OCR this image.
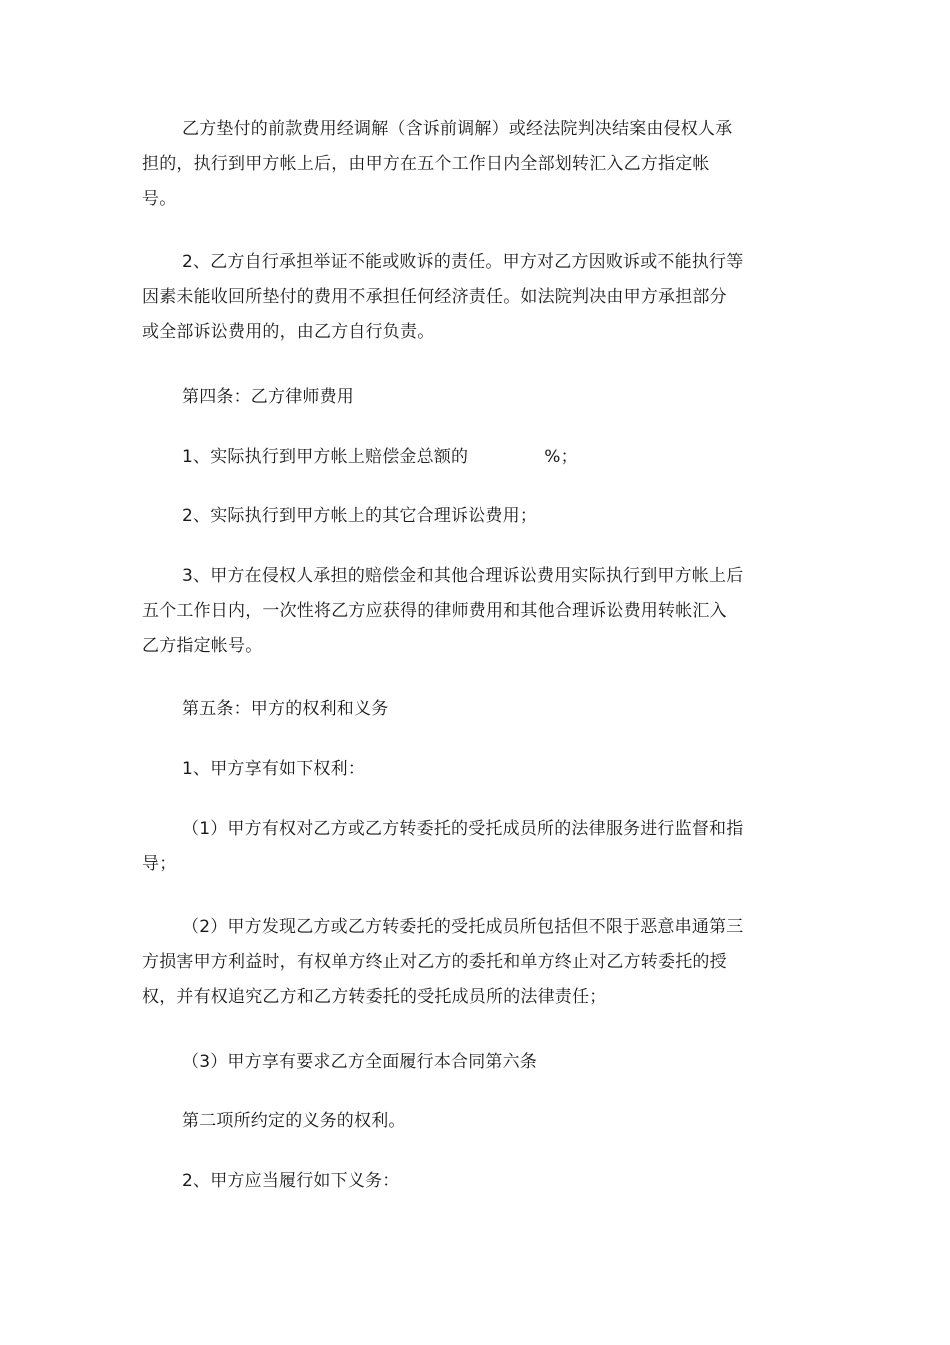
乙方垫付的前款费用经调解（含诉前调解）或经法院判决结案由侵权人承
担的，执行到甲方帐上后，由甲方在五个工作日内全部划转汇入乙方指定帐
号。

2、乙方自行承担举证不能或败诉的责任。甲方对乙方因败诉或不能执行等
因素未能收回所垫付的费用不承担任何经济责任。如法院判决由甲方承担部分
或全部诉讼费用的，由乙方自行负责。

第四条：乙方律师费用

1、实际执行到甲方帐上赔偿金总额的	%；

2、实际执行到甲方帐上的其它合理诉讼费用；

3、甲方在侵权人承担的赔偿金和其他合理诉讼费用实际执行到甲方帐上后
五个工作日内，一次性将乙方应获得的律师费用和其他合理诉讼费用转帐汇入
乙方指定帐号。

第五条：甲方的权利和义务

1、甲方享有如下权利：

（1）甲方有权对乙方或乙方转委托的受托成员所的法律服务进行监督和指
导；

（2）甲方发现乙方或乙方转委托的受托成员所包括但不限于恶意串通第三
方损害甲方利益时，有权单方终止对乙方的委托和单方终止对乙方转委托的授
权，并有权追究乙方和乙方转委托的受托成员所的法律责任；

（3）甲方享有要求乙方全面履行本合同第六条

第二项所约定的义务的权利。

2、甲方应当履行如下义务：
